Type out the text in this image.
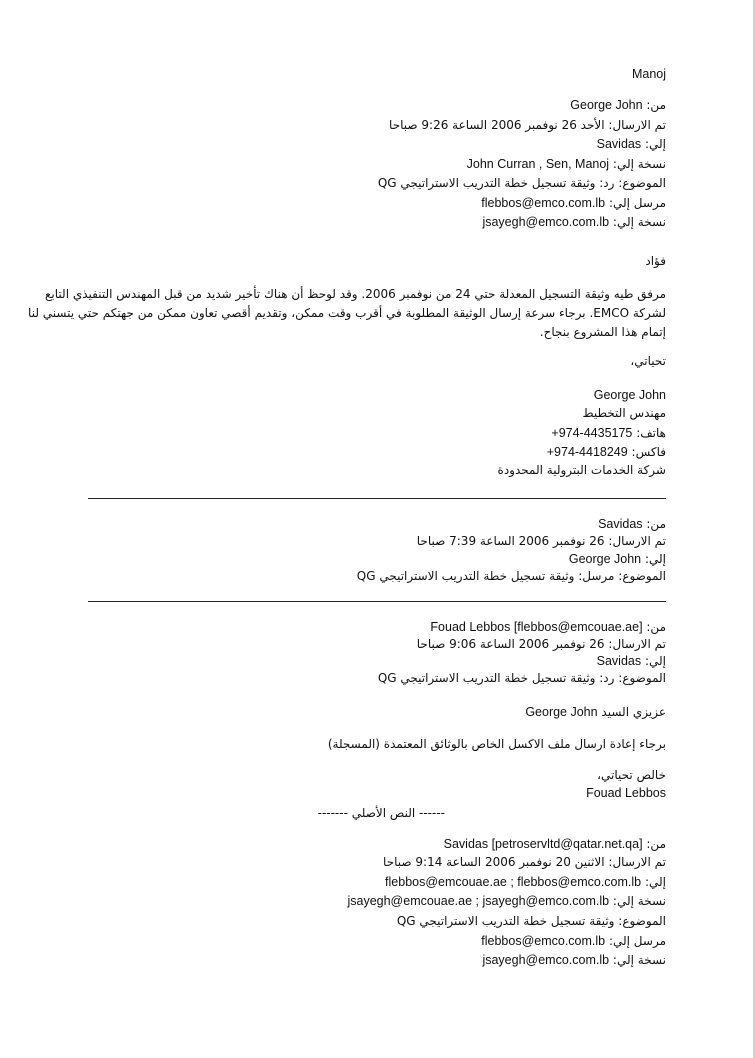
Manoj
من: George John
تم الارسال: الأحد 26 نوفمبر 2006 الساعة 9:26 صباحا
إلي: Savidas
نسخة إلي: John Curran , Sen, Manoj
الموضوع: رد: وثيقة تسجيل خطة التدريب الاستراتيجي QG
مرسل إلي: flebbos@emco.com.lb
نسخة إلي: jsayegh@emco.com.lb
فؤاد
مرفق طيه وثيقة التسجيل المعدلة حتي 24 من نوفمبر 2006. وقد لوحظ أن هناك تأخير شديد من قبل المهندس التنفيذي التابع
لشركة EMCO. برجاء سرعة إرسال الوثيقة المطلوبة في أقرب وقت ممكن، وتقديم أقصي تعاون ممكن من جهتكم حتي يتسني لنا
إتمام هذا المشروع بنجاح.
تحياتي،
George John
مهندس التخطيط
هاتف: +974-4435175
فاكس: +974-4418249
شركة الخدمات البترولية المحدودة
من: Savidas
تم الارسال: 26 نوفمبر 2006 الساعة 7:39 صباحا
إلي: George John
الموضوع: مرسل: وثيقة تسجيل خطة التدريب الاستراتيجي QG
من: Fouad Lebbos [flebbos@emcouae.ae]
تم الارسال: 26 نوفمبر 2006 الساعة 9:06 صباحا
إلي: Savidas
الموضوع: رد: وثيقة تسجيل خطة التدريب الاستراتيجي QG
عزيزي السيد George John
برجاء إعادة ارسال ملف الاكسل الخاص بالوثائق المعتمدة (المسجلة)
خالص تحياتي،
Fouad Lebbos
------ النص الأصلي -------
من: Savidas [petroservltd@qatar.net.qa]
تم الارسال: الاثنين 20 نوفمبر 2006 الساعة 9:14 صباحا
إلي: flebbos@emcouae.ae ; flebbos@emco.com.lb
نسخة إلي: jsayegh@emcouae.ae ; jsayegh@emco.com.lb
الموضوع: وثيقة تسجيل خطة التدريب الاستراتيجي QG
مرسل إلي: flebbos@emco.com.lb
نسخة إلي: jsayegh@emco.com.lb
